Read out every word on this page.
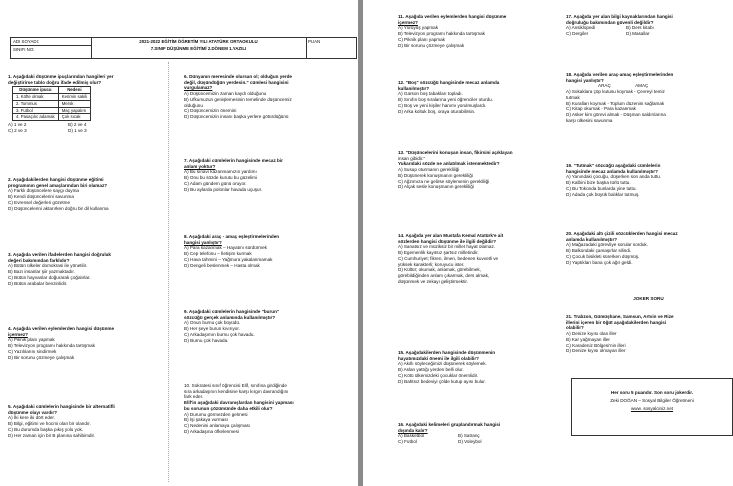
ADI SOYADI:
SINIFI NO:
2021-2022 EĞİTİM ÖĞRETİM YILI ATATÜRK ORTAOKULU
7.SINIF DÜŞÜNME EĞİTİMİ 2.DÖNEM 1.YAZILI
PUAN
1. Aşağıdaki düşünme ipuçlarından hangileri yer
değiştirirse tablo doğru ifade edilmiş olur?
Düşünme ipucu	Nedeni
1. Köfte olmak	Kerimin sakili
2. Tommus	Mersk
3. Futbol	Maç yapalım
4. Pasaçılıc adamak	Çok sıcak
A) 1 ve 2	B) 2 ve 4
C) 2 ve 3	D) 1 ve 3
2. Aşağıdakilerden hangisi düşünme eğitimi
programının genel amaçlarından biri olamaz?
A) Farklı düşüncelere saygı duyma
B) Kendi düşüncelerini savunma
C) Evrensel değerleri gözetme
D) Düşüncelerini aktarırken doğru bir dil kullanma
3. Aşağıda verilen ifadelerden hangisi doğruluk
değeri bakımından farklıdır?
A) Bütün ülkeler domokrasi ile yönetilir.
B) Bazı insanlar şiir yazmaktadır.
C) Bütün hayvanlar doğurarak çoğalırlar.
D) Bütün arabalar benzinlidir.
4. Aşağıda verilen eylemlerden hangisi düşünme
içermez?
A) Piknik planı yapmak
B) Televizyon programı hakkında tartışmak
C) Yazılılarını sindirmek
D) Bir sorunu çözmeye çalışmak
5. Aşağıdaki cümlelerin hangisinde bir alternatifli
düşünme olayı vardır?
A) İki kere iki dört eder.
B) Bilgi, eğitimi ve hocmi olan bir olandır.
C) Bu durumda başka pıkış yolu yok.
D) Her zaman için bir B planına sahibimdir.
6. Dünyanın meresinde olursan ol; olduğun yerde
değil, düşündüğün yerdesin." cümlesi hangisini
vurgulamaz?
A) Düşüncemizin zaman kaydı olduğunu
B) Ufkumuzun genişlemesinin temelinde düşüncemiz
olduğunu
C) Düşüncemizin önemini
D) Düşüncemizin insanı başka yerlere götürdüğünü
7. Aşağıdaki cümlelerin hangisinde mecaz bir
anlam yoktur?
A) Bu sınavı kazanmamızın yardımı
B) Onu bu sözde kurutu bu güzelimi
C) Adam gündem günü oruyor.
D) Bu aylarda polonlar havada uçuşur.
8. Aşağıdaki araç - amaç eşleştirmelerinden
hangisi yanlıştır?
A) Para kazanmak – Hayatını sürdürmek
B) Cep telefonu – İletişim kurmak
C) Hava tahmini – Yağmura yakalanmamak
D) Dengeli beslenmek – Hasta olmak
9. Aşağıdaki cümlelerin hangisinde "burun"
sözcüğü gerçek anlamında kullanılmıştır?
A) Onun burnu çok büyüdü.
B) Her şeye burun kıvırıyor.
C) Arkadaşımın burnu çok havadu.
D) Burnu çok havada.
10. Sokratesi sınıf öğrencisi Elif, sınıfına girdiğinde
sıra arkadaşının kendisine karşı kırgın davrandığını
fark eder.
Elif'in aşağıdaki davranışlardan hangisini yapması
bu sorunun çözümünde daha etkili olur?
A) Durumu görmezden gelmesi
B) İşi şakaya vurması
C) Nedenini anlamaya çalışması
D) Arkadaşına öfkelenmesi
11. Aşağıda verilen eylemlerden hangisi düşünme
içermez?
A) Yürüyüş yapmak
B) Televizyon programı hakkında tartışmak
C) Piknik planı yapmak
D) Bir sorunu çözmeye çalışmak
12. "Boş" sözcüğü hangisinde mecaz anlamda
kullanılmıştır?
A) Garson boş tabakları topladı.
B) Sınıfın boş sıralarına yeni öğrenciler oturdu.
C) Boş ve yeni kişiler hanımı yorulmuşlardı.
D) Arka koltuk boş, oraya oturabilirsin.
13. "Düşüncelerini konuşan insan, fikirsini açıklayan
insan gibidir."
Yukarıdaki sözde ne anlatılmak istenmektedir?
A) Susup oturmanın gerekliliği
B) Düşünerek konuşmanın gerekliliği
C) Ağzımıza ne gelirse söylemenin gerekliliği
D) Alçak sesle konuşmanın gerekliliği
14. Aşağıda yer alan Mustafa Kemal Atatürk'e ait
sözlerden hangisi düşünme ile ilgili değildir?
A) Sanatsız ve müziksiz bir millet hayat olamaz.
B) Egemenlik kayıtsız şartsız milletindir.
C) Cumhuriyet; fikren, ilmen, bedenen kuvvetli ve
yüksek karakterli; koruyucu ister.
D) Kültür; okumak, anlamak, görebilmek,
görebildiğinden anlam çıkarmak, ders almak,
düşünmek ve zekayı geliştirmektir.
15. Aşağıdakilerden hangisinde düşünmenin
hayatımızdaki önemi ile ilgili olabilir?
A) Akıllı söyleceğimizi düşünerek söylemek.
B) Aslan yattığı yerden belli olur.
C) Kötü ülkemizdeki çocuklar önemlidir.
D) Bahtsız bedeviyi çölde kutup ayısı bulur.
16. Aşağıdaki kelimeleri gruplandırmak hangisi
dışında kalır?
A) Basketbol	B) Satranç
C) Futbol	D) Voleybol
17. Aşağıda yer alan bilgi kaynaklarından hangisi
doğruluğu bakımından güvenli değildir?
A) Ansiklopedi	B) Ders kitabı
C) Dergiler	D) Masallar
18. Aşağıda verilen araç-amaç eşleştirmelerinden
hangisi yanlıştır?
ARAÇ	AMAÇ
A) Sokaklara çöp kutusu koymak - Çevreyi temiz
tutmak
B) Kuralları koymak - Toplum düzenini sağlamak
C) Kitap okumak - Para kazanmak
D) Asker kim görevi almak - Düşman saldırılarına
karşı ülkesini savunma
19. "Tutmak" sözcüğü aşağıdaki cümlelerin
hangisinde mecaz anlamda kullanılmıştır?
A) Yanındaki çocuğu, düşerken son anda tuttu.
B) Kalbini bize başka türlü tuttu.
C) Bu Tokonda bunlarda yine tuttu.
D) Adada çok büyük balıklar tutmuş.
20. Aşağıdaki altı çizili sözcüklerden hangisi mecaz
anlamda kullanılmıştır?
A) Mağazadaki görevliye sorular sorduk.
B) Balkondaki çamaşırlar silindi.
C) Çocuk bisikleti sürerken düşmüş.
D) Yaptıkları bana çok ağır geldi.
JOKER SORU
21. Trabzon, Gümüşhane, Samsun, Artvin ve Rize
illerini içeren bir öğüt aşağıdakilerden hangisi
olabilir?
A) Denize kıyısı olan iller
B) Kar yağmayan iller
C) Karadeniz Bölgesi'nin illeri
D) Denize kıyısı olmayan iller
Her soru 5 puandır. Son soru jokerdir.
Zeki DOĞAN – Sosyal Bilgiler Öğretmeni
www. sosyalciniz.net
